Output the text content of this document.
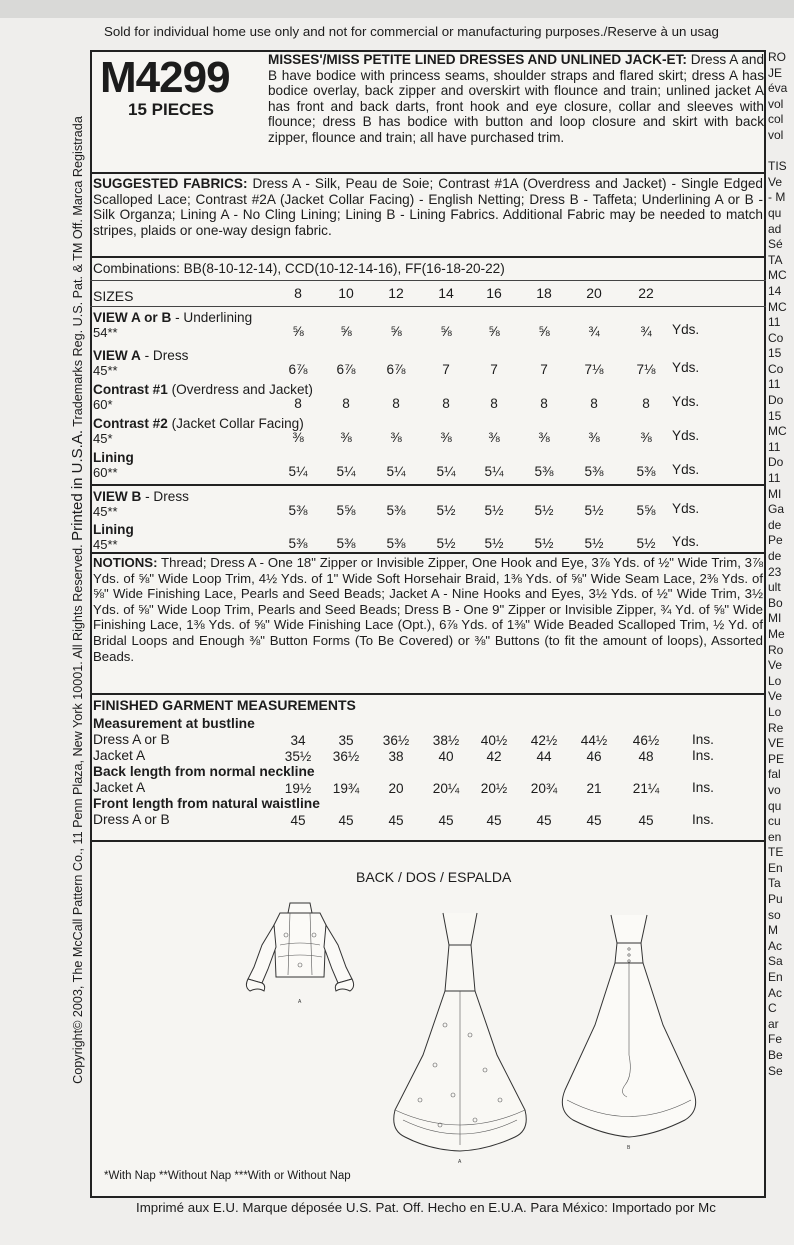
Sold for individual home use only and not for commercial or manufacturing purposes./Reserve à un usag
Copyright© 2003, The McCall Pattern Co., 11 Penn Plaza, New York 10001. All Rights Reserved. Printed in U.S.A. Trademarks Reg. U.S. Pat. & TM Off. Marca Registrada
M4299
15 PIECES
MISSES'/MISS PETITE LINED DRESSES AND UNLINED JACK-ET: Dress A and B have bodice with princess seams, shoulder straps and flared skirt; dress A has bodice overlay, back zipper and overskirt with flounce and train; unlined jacket A has front and back darts, front hook and eye closure, collar and sleeves with flounce; dress B has bodice with button and loop closure and skirt with back zipper, flounce and train; all have purchased trim.
SUGGESTED FABRICS: Dress A - Silk, Peau de Soie; Contrast #1A (Overdress and Jacket) - Single Edged Scalloped Lace; Contrast #2A (Jacket Collar Facing) - English Netting; Dress B - Taffeta; Underlining A or B - Silk Organza; Lining A - No Cling Lining; Lining B - Lining Fabrics. Additional Fabric may be needed to match stripes, plaids or one-way design fabric.
Combinations: BB(8-10-12-14), CCD(10-12-14-16), FF(16-18-20-22)
SIZES
NOTIONS: Thread; Dress A - One 18" Zipper or Invisible Zipper, One Hook and Eye, 3⅞ Yds. of ½" Wide Trim, 3⅞ Yds. of ⅝" Wide Loop Trim, 4½ Yds. of 1" Wide Soft Horsehair Braid, 1⅜ Yds. of ⅝" Wide Seam Lace, 2⅜ Yds. of ⅝" Wide Finishing Lace, Pearls and Seed Beads; Jacket A - Nine Hooks and Eyes, 3½ Yds. of ½" Wide Trim, 3½ Yds. of ⅝" Wide Loop Trim, Pearls and Seed Beads; Dress B - One 9" Zipper or Invisible Zipper, ¾ Yd. of ⅝" Wide Finishing Lace, 1⅜ Yds. of ⅝" Wide Finishing Lace (Opt.), 6⅞ Yds. of 1⅜" Wide Beaded Scalloped Trim, ½ Yd. of Bridal Loops and Enough ⅜" Button Forms (To Be Covered) or ⅜" Buttons (to fit the amount of loops), Assorted Beads.
FINISHED GARMENT MEASUREMENTS
BACK / DOS / ESPALDA
A
A
B
*With Nap **Without Nap ***With or Without Nap
Imprimé aux E.U. Marque déposée U.S. Pat. Off. Hecho en E.U.A. Para México: Importado por Mc
RO
JE
éva
vol
col
vol
TIS
Ve
- M
qu
ad
Sé
TA
MC
14
MC
11
Co
15
Co
11
Do
15
MC
11
Do
11
MI
Ga
de
Pe
de
23
ult
Bo
MI
Me
Ro
Ve
Lo
Ve
Lo
Re
VE
PE
fal
vo
qu
cu
en
TE
En
Ta
Pu
so
M
Ac
Sa
En
Ac
C
ar
Fe
Be
Se
8	10	12	14	16	18	20	22
VIEW A or B - Underlining
54**	⅝	⅝	⅝	⅝	⅝	⅝	¾	¾	Yds.
VIEW A - Dress
45**	6⅞	6⅞	6⅞	7	7	7	7⅛	7⅛	Yds.
Contrast #1 (Overdress and Jacket)
60*	8	8	8	8	8	8	8	8	Yds.
Contrast #2 (Jacket Collar Facing)
45*	⅜	⅜	⅜	⅜	⅜	⅜	⅜	⅜	Yds.
Lining
60**	5¼	5¼	5¼	5¼	5¼	5⅜	5⅜	5⅜	Yds.
VIEW B - Dress
45**	5⅜	5⅝	5⅜	5½	5½	5½	5½	5⅝	Yds.
Lining
45**	5⅜	5⅜	5⅜	5½	5½	5½	5½	5½	Yds.
Measurement at bustline
Dress A or B	34	35	36½	38½	40½	42½	44½	46½	Ins.
Jacket A	35½	36½	38	40	42	44	46	48	Ins.
Back length from normal neckline
Jacket A	19½	19¾	20	20¼	20½	20¾	21	21¼	Ins.
Front length from natural waistline
Dress A or B	45	45	45	45	45	45	45	45	Ins.
